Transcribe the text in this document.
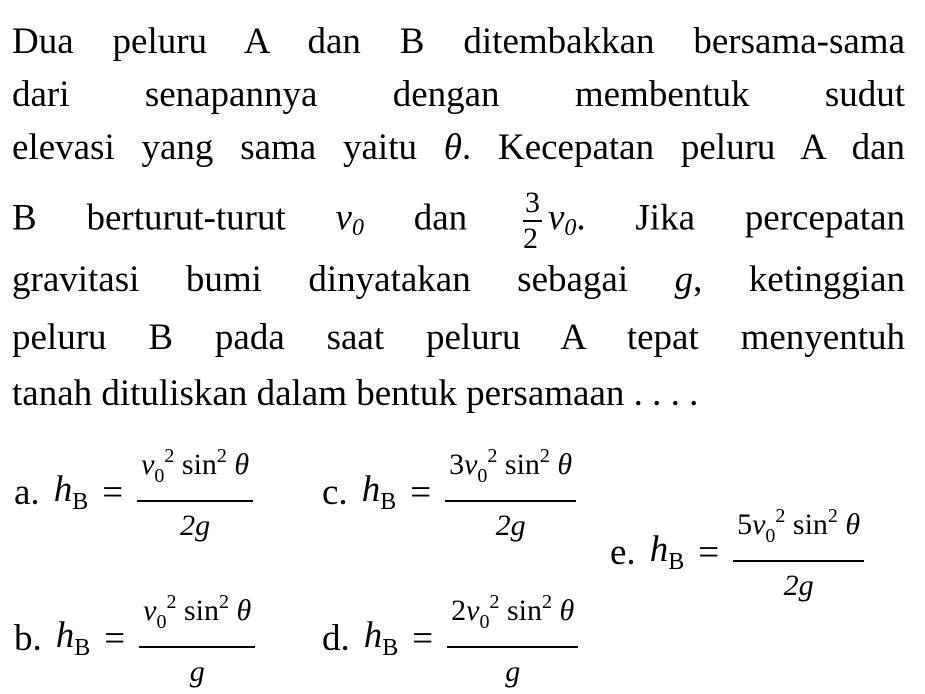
Dua peluru A dan B ditembakkan bersama-sama
dari senapannya dengan membentuk sudut
elevasi yang sama yaitu θ. Kecepatan peluru A dan
B berturut-turut $v_0$ dan $\frac{3}{2} v_0$. Jika percepatan
gravitasi bumi dinyatakan sebagai g, ketinggian
peluru B pada saat peluru A tepat menyentuh
tanah dituliskan dalam bentuk persamaan . . . .
a. $h_B = \frac{v_0^2 \sin^2 \theta}{2g}$
b. $h_B = \frac{v_0^2 \sin^2 \theta}{g}$
c. $h_B = \frac{3v_0^2 \sin^2 \theta}{2g}$
d. $h_B = \frac{2v_0^2 \sin^2 \theta}{g}$
e. $h_B = \frac{5v_0^2 \sin^2 \theta}{2g}$
